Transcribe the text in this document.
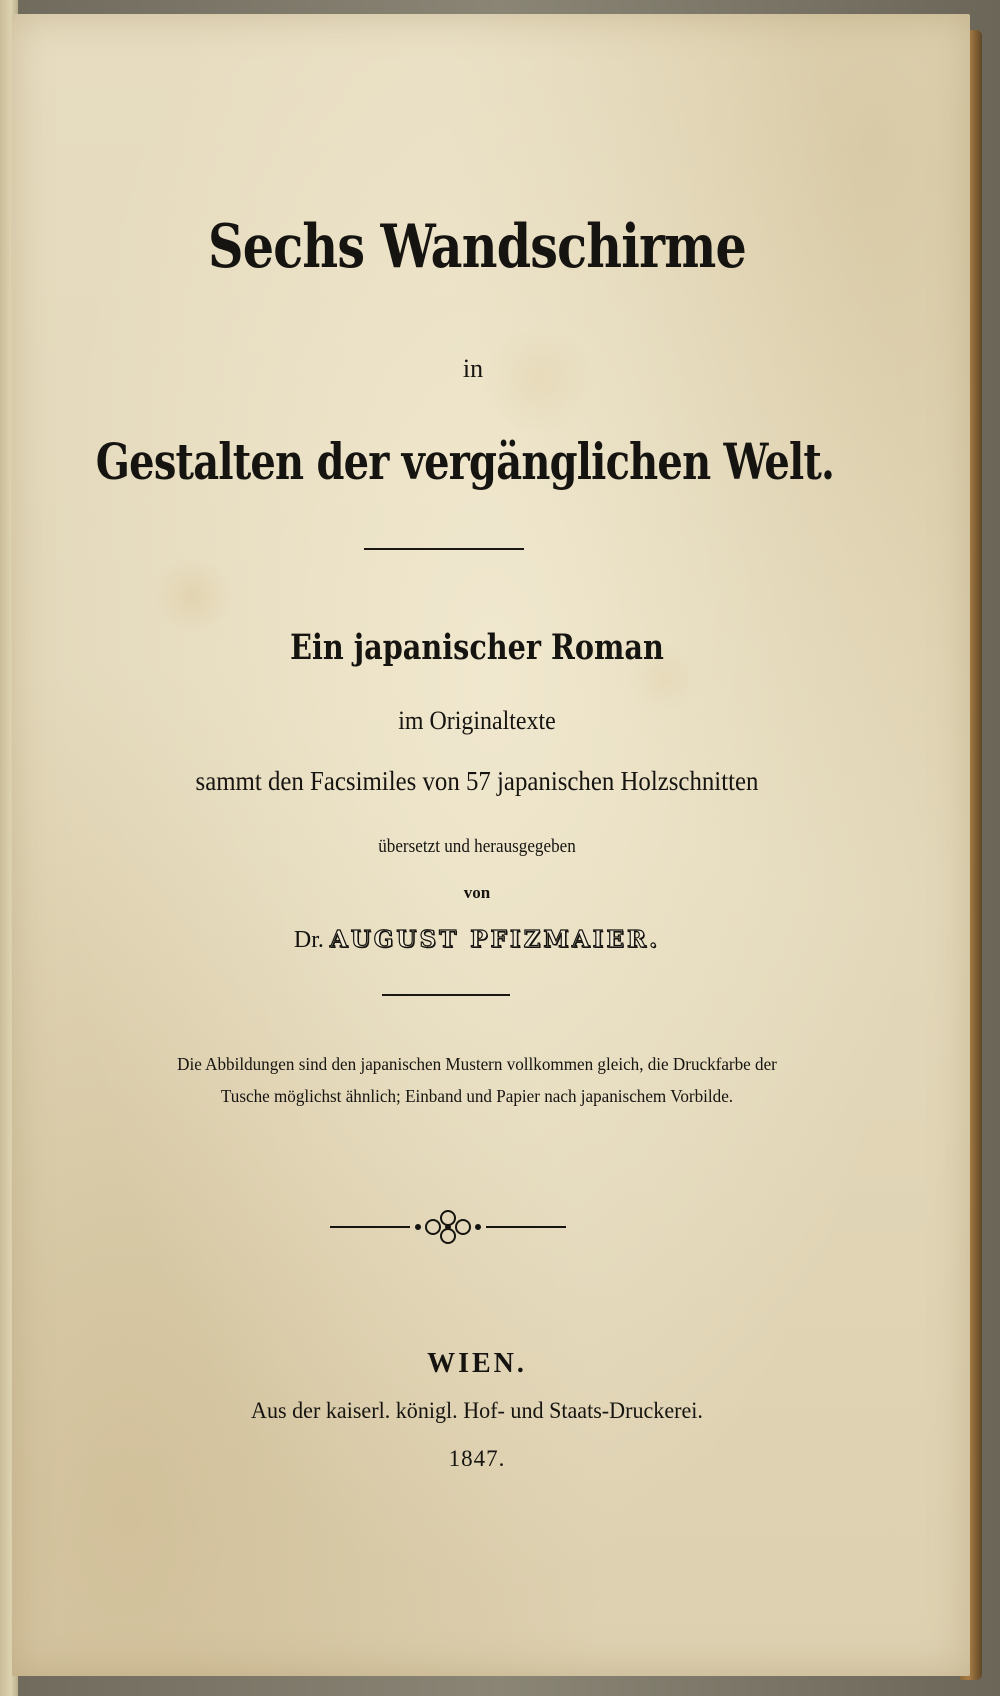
Sechs Wandschirme

in

Gestalten der vergänglichen Welt.

Ein japanischer Roman

im Originaltexte

sammt den Facsimiles von 57 japanischen Holzschnitten

übersetzt und herausgegeben

von

Dr. AUGUST PFIZMAIER.

Die Abbildungen sind den japanischen Mustern vollkommen gleich, die Druckfarbe der

Tusche möglichst ähnlich; Einband und Papier nach japanischem Vorbilde.

WIEN.

Aus der kaiserl. königl. Hof- und Staats-Druckerei.

1847.
